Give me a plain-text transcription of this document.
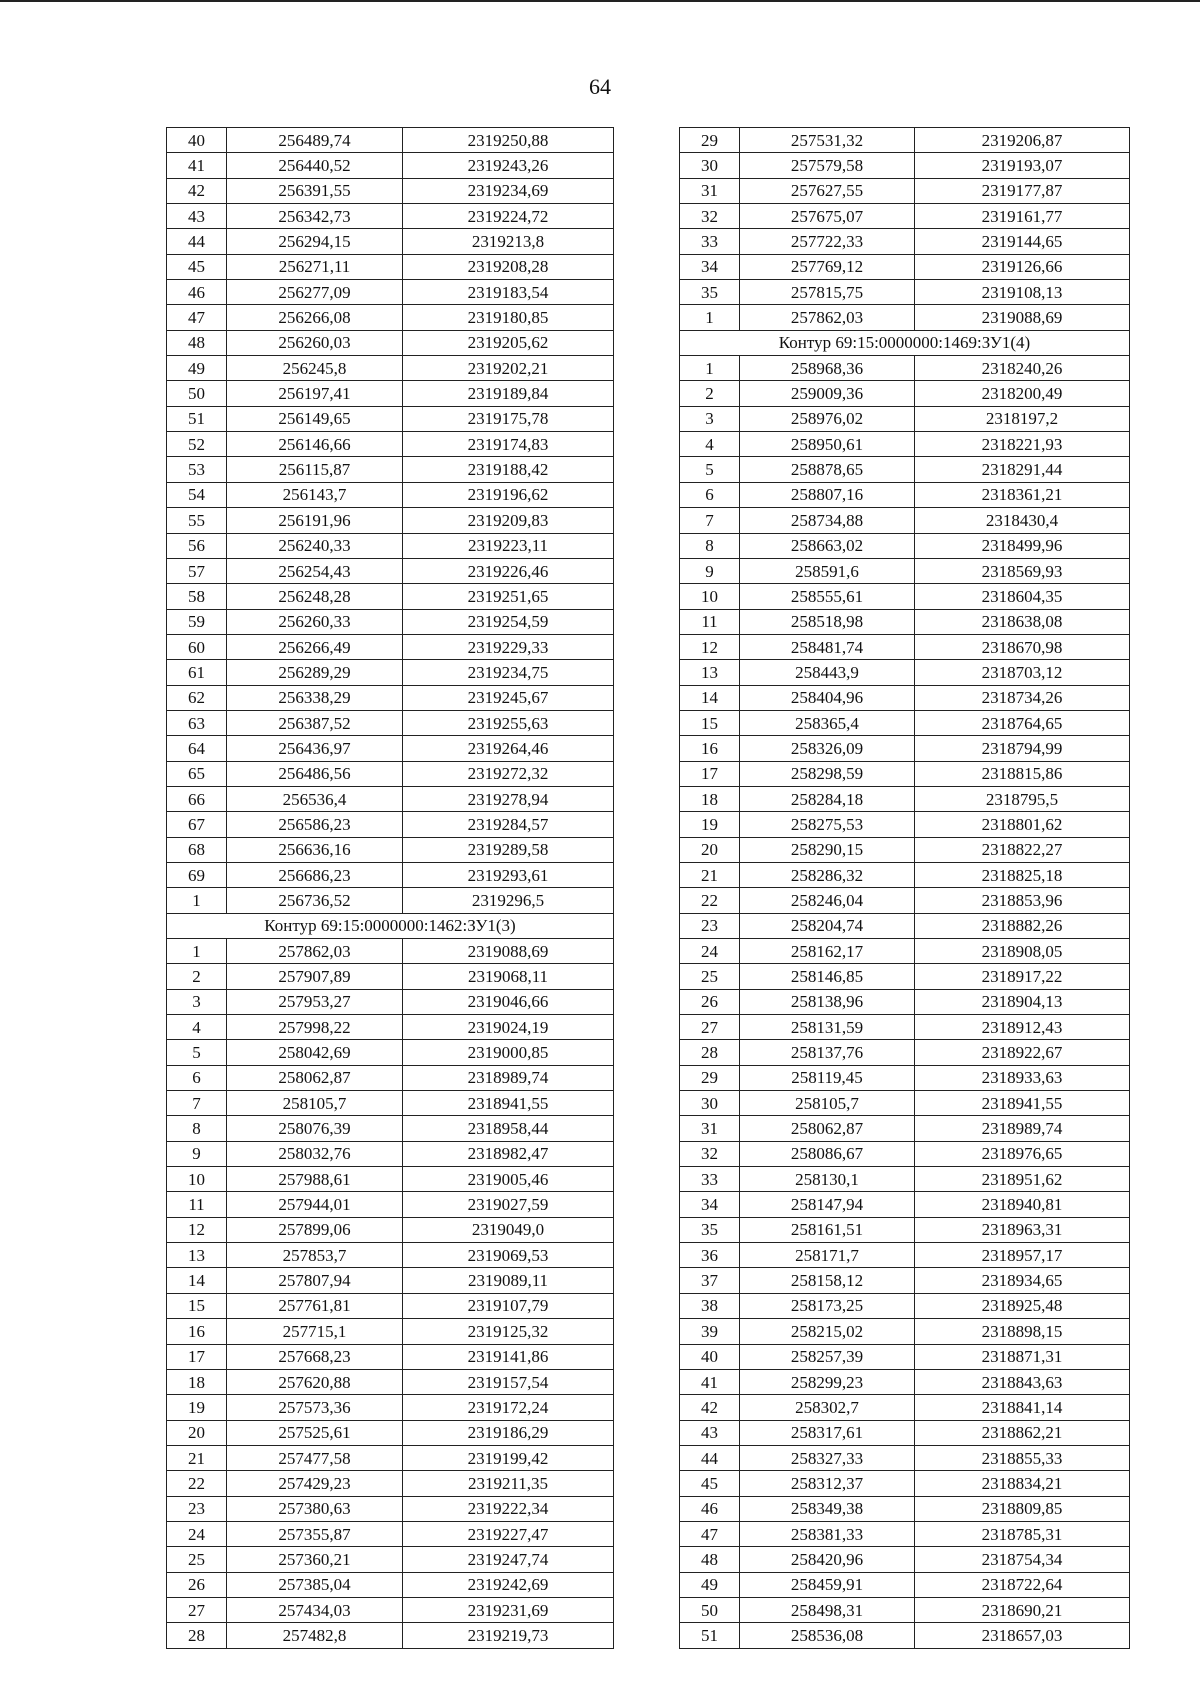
64
40	256489,74	2319250,88
41	256440,52	2319243,26
42	256391,55	2319234,69
43	256342,73	2319224,72
44	256294,15	2319213,8
45	256271,11	2319208,28
46	256277,09	2319183,54
47	256266,08	2319180,85
48	256260,03	2319205,62
49	256245,8	2319202,21
50	256197,41	2319189,84
51	256149,65	2319175,78
52	256146,66	2319174,83
53	256115,87	2319188,42
54	256143,7	2319196,62
55	256191,96	2319209,83
56	256240,33	2319223,11
57	256254,43	2319226,46
58	256248,28	2319251,65
59	256260,33	2319254,59
60	256266,49	2319229,33
61	256289,29	2319234,75
62	256338,29	2319245,67
63	256387,52	2319255,63
64	256436,97	2319264,46
65	256486,56	2319272,32
66	256536,4	2319278,94
67	256586,23	2319284,57
68	256636,16	2319289,58
69	256686,23	2319293,61
1	256736,52	2319296,5
Контур 69:15:0000000:1462:ЗУ1(3)		
1	257862,03	2319088,69
2	257907,89	2319068,11
3	257953,27	2319046,66
4	257998,22	2319024,19
5	258042,69	2319000,85
6	258062,87	2318989,74
7	258105,7	2318941,55
8	258076,39	2318958,44
9	258032,76	2318982,47
10	257988,61	2319005,46
11	257944,01	2319027,59
12	257899,06	2319049,0
13	257853,7	2319069,53
14	257807,94	2319089,11
15	257761,81	2319107,79
16	257715,1	2319125,32
17	257668,23	2319141,86
18	257620,88	2319157,54
19	257573,36	2319172,24
20	257525,61	2319186,29
21	257477,58	2319199,42
22	257429,23	2319211,35
23	257380,63	2319222,34
24	257355,87	2319227,47
25	257360,21	2319247,74
26	257385,04	2319242,69
27	257434,03	2319231,69
28	257482,8	2319219,73
29	257531,32	2319206,87
30	257579,58	2319193,07
31	257627,55	2319177,87
32	257675,07	2319161,77
33	257722,33	2319144,65
34	257769,12	2319126,66
35	257815,75	2319108,13
1	257862,03	2319088,69
Контур 69:15:0000000:1469:ЗУ1(4)		
1	258968,36	2318240,26
2	259009,36	2318200,49
3	258976,02	2318197,2
4	258950,61	2318221,93
5	258878,65	2318291,44
6	258807,16	2318361,21
7	258734,88	2318430,4
8	258663,02	2318499,96
9	258591,6	2318569,93
10	258555,61	2318604,35
11	258518,98	2318638,08
12	258481,74	2318670,98
13	258443,9	2318703,12
14	258404,96	2318734,26
15	258365,4	2318764,65
16	258326,09	2318794,99
17	258298,59	2318815,86
18	258284,18	2318795,5
19	258275,53	2318801,62
20	258290,15	2318822,27
21	258286,32	2318825,18
22	258246,04	2318853,96
23	258204,74	2318882,26
24	258162,17	2318908,05
25	258146,85	2318917,22
26	258138,96	2318904,13
27	258131,59	2318912,43
28	258137,76	2318922,67
29	258119,45	2318933,63
30	258105,7	2318941,55
31	258062,87	2318989,74
32	258086,67	2318976,65
33	258130,1	2318951,62
34	258147,94	2318940,81
35	258161,51	2318963,31
36	258171,7	2318957,17
37	258158,12	2318934,65
38	258173,25	2318925,48
39	258215,02	2318898,15
40	258257,39	2318871,31
41	258299,23	2318843,63
42	258302,7	2318841,14
43	258317,61	2318862,21
44	258327,33	2318855,33
45	258312,37	2318834,21
46	258349,38	2318809,85
47	258381,33	2318785,31
48	258420,96	2318754,34
49	258459,91	2318722,64
50	258498,31	2318690,21
51	258536,08	2318657,03
